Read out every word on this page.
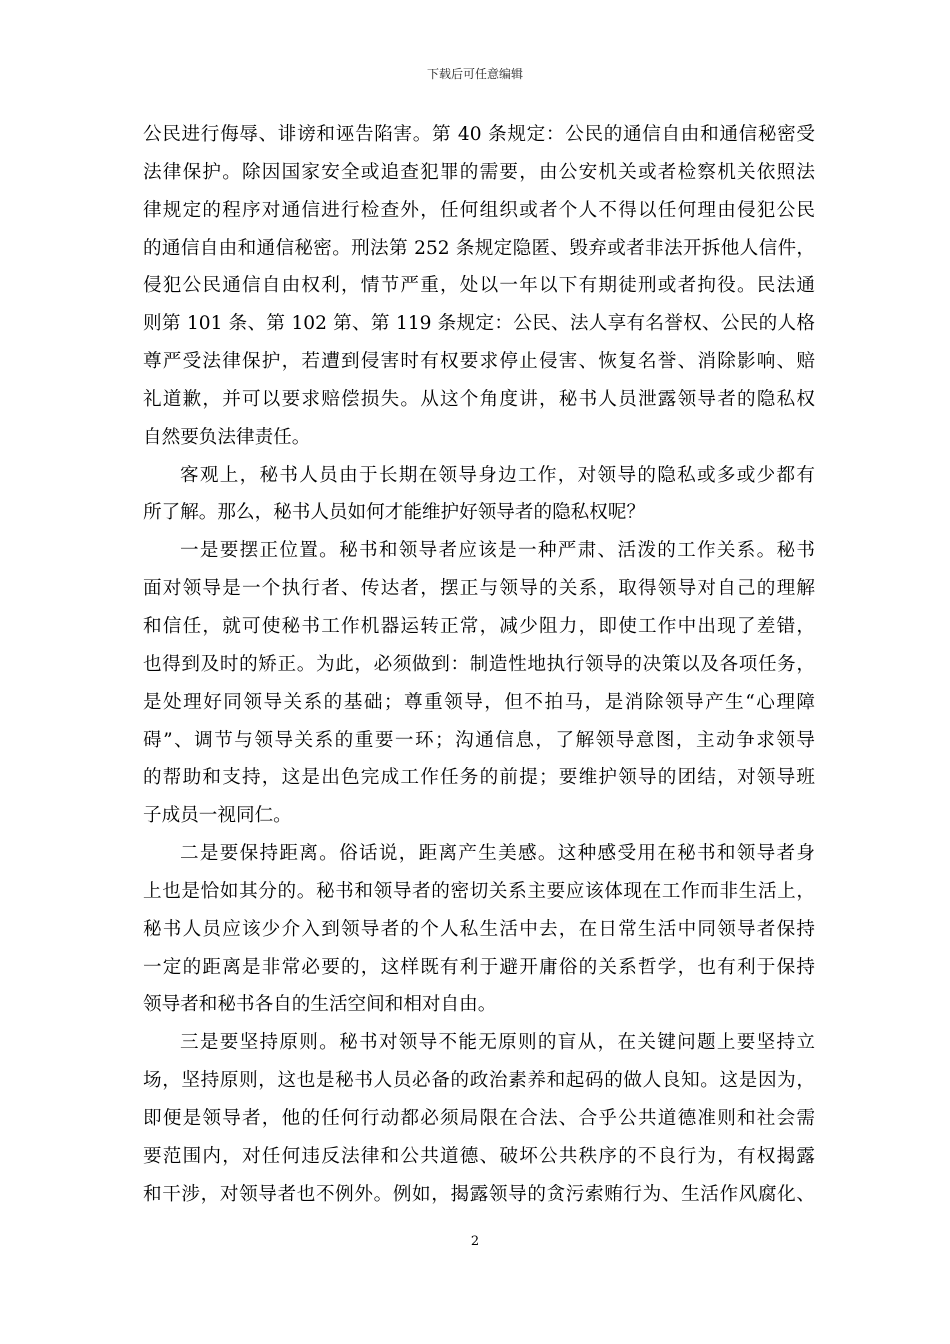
下载后可任意编辑
公民进行侮辱、诽谤和诬告陷害。第 40 条规定：公民的通信自由和通信秘密受
法律保护。除因国家安全或追查犯罪的需要，由公安机关或者检察机关依照法
律规定的程序对通信进行检查外，任何组织或者个人不得以任何理由侵犯公民
的通信自由和通信秘密。刑法第 252 条规定隐匿、毁弃或者非法开拆他人信件，
侵犯公民通信自由权利，情节严重，处以一年以下有期徒刑或者拘役。民法通
则第 101 条、第 102 第、第 119 条规定：公民、法人享有名誉权、公民的人格
尊严受法律保护，若遭到侵害时有权要求停止侵害、恢复名誉、消除影响、赔
礼道歉，并可以要求赔偿损失。从这个角度讲，秘书人员泄露领导者的隐私权
自然要负法律责任。
客观上，秘书人员由于长期在领导身边工作，对领导的隐私或多或少都有
所了解。那么，秘书人员如何才能维护好领导者的隐私权呢？
一是要摆正位置。秘书和领导者应该是一种严肃、活泼的工作关系。秘书
面对领导是一个执行者、传达者，摆正与领导的关系，取得领导对自己的理解
和信任，就可使秘书工作机器运转正常，减少阻力，即使工作中出现了差错，
也得到及时的矫正。为此，必须做到：制造性地执行领导的决策以及各项任务，
是处理好同领导关系的基础；尊重领导，但不拍马，是消除领导产生“心理障
碍”、调节与领导关系的重要一环；沟通信息，了解领导意图，主动争求领导
的帮助和支持，这是出色完成工作任务的前提；要维护领导的团结，对领导班
子成员一视同仁。
二是要保持距离。俗话说，距离产生美感。这种感受用在秘书和领导者身
上也是恰如其分的。秘书和领导者的密切关系主要应该体现在工作而非生活上，
秘书人员应该少介入到领导者的个人私生活中去，在日常生活中同领导者保持
一定的距离是非常必要的，这样既有利于避开庸俗的关系哲学，也有利于保持
领导者和秘书各自的生活空间和相对自由。
三是要坚持原则。秘书对领导不能无原则的盲从，在关键问题上要坚持立
场，坚持原则，这也是秘书人员必备的政治素养和起码的做人良知。这是因为，
即便是领导者，他的任何行动都必须局限在合法、合乎公共道德准则和社会需
要范围内，对任何违反法律和公共道德、破坏公共秩序的不良行为，有权揭露
和干涉，对领导者也不例外。例如，揭露领导的贪污索贿行为、生活作风腐化、
2
